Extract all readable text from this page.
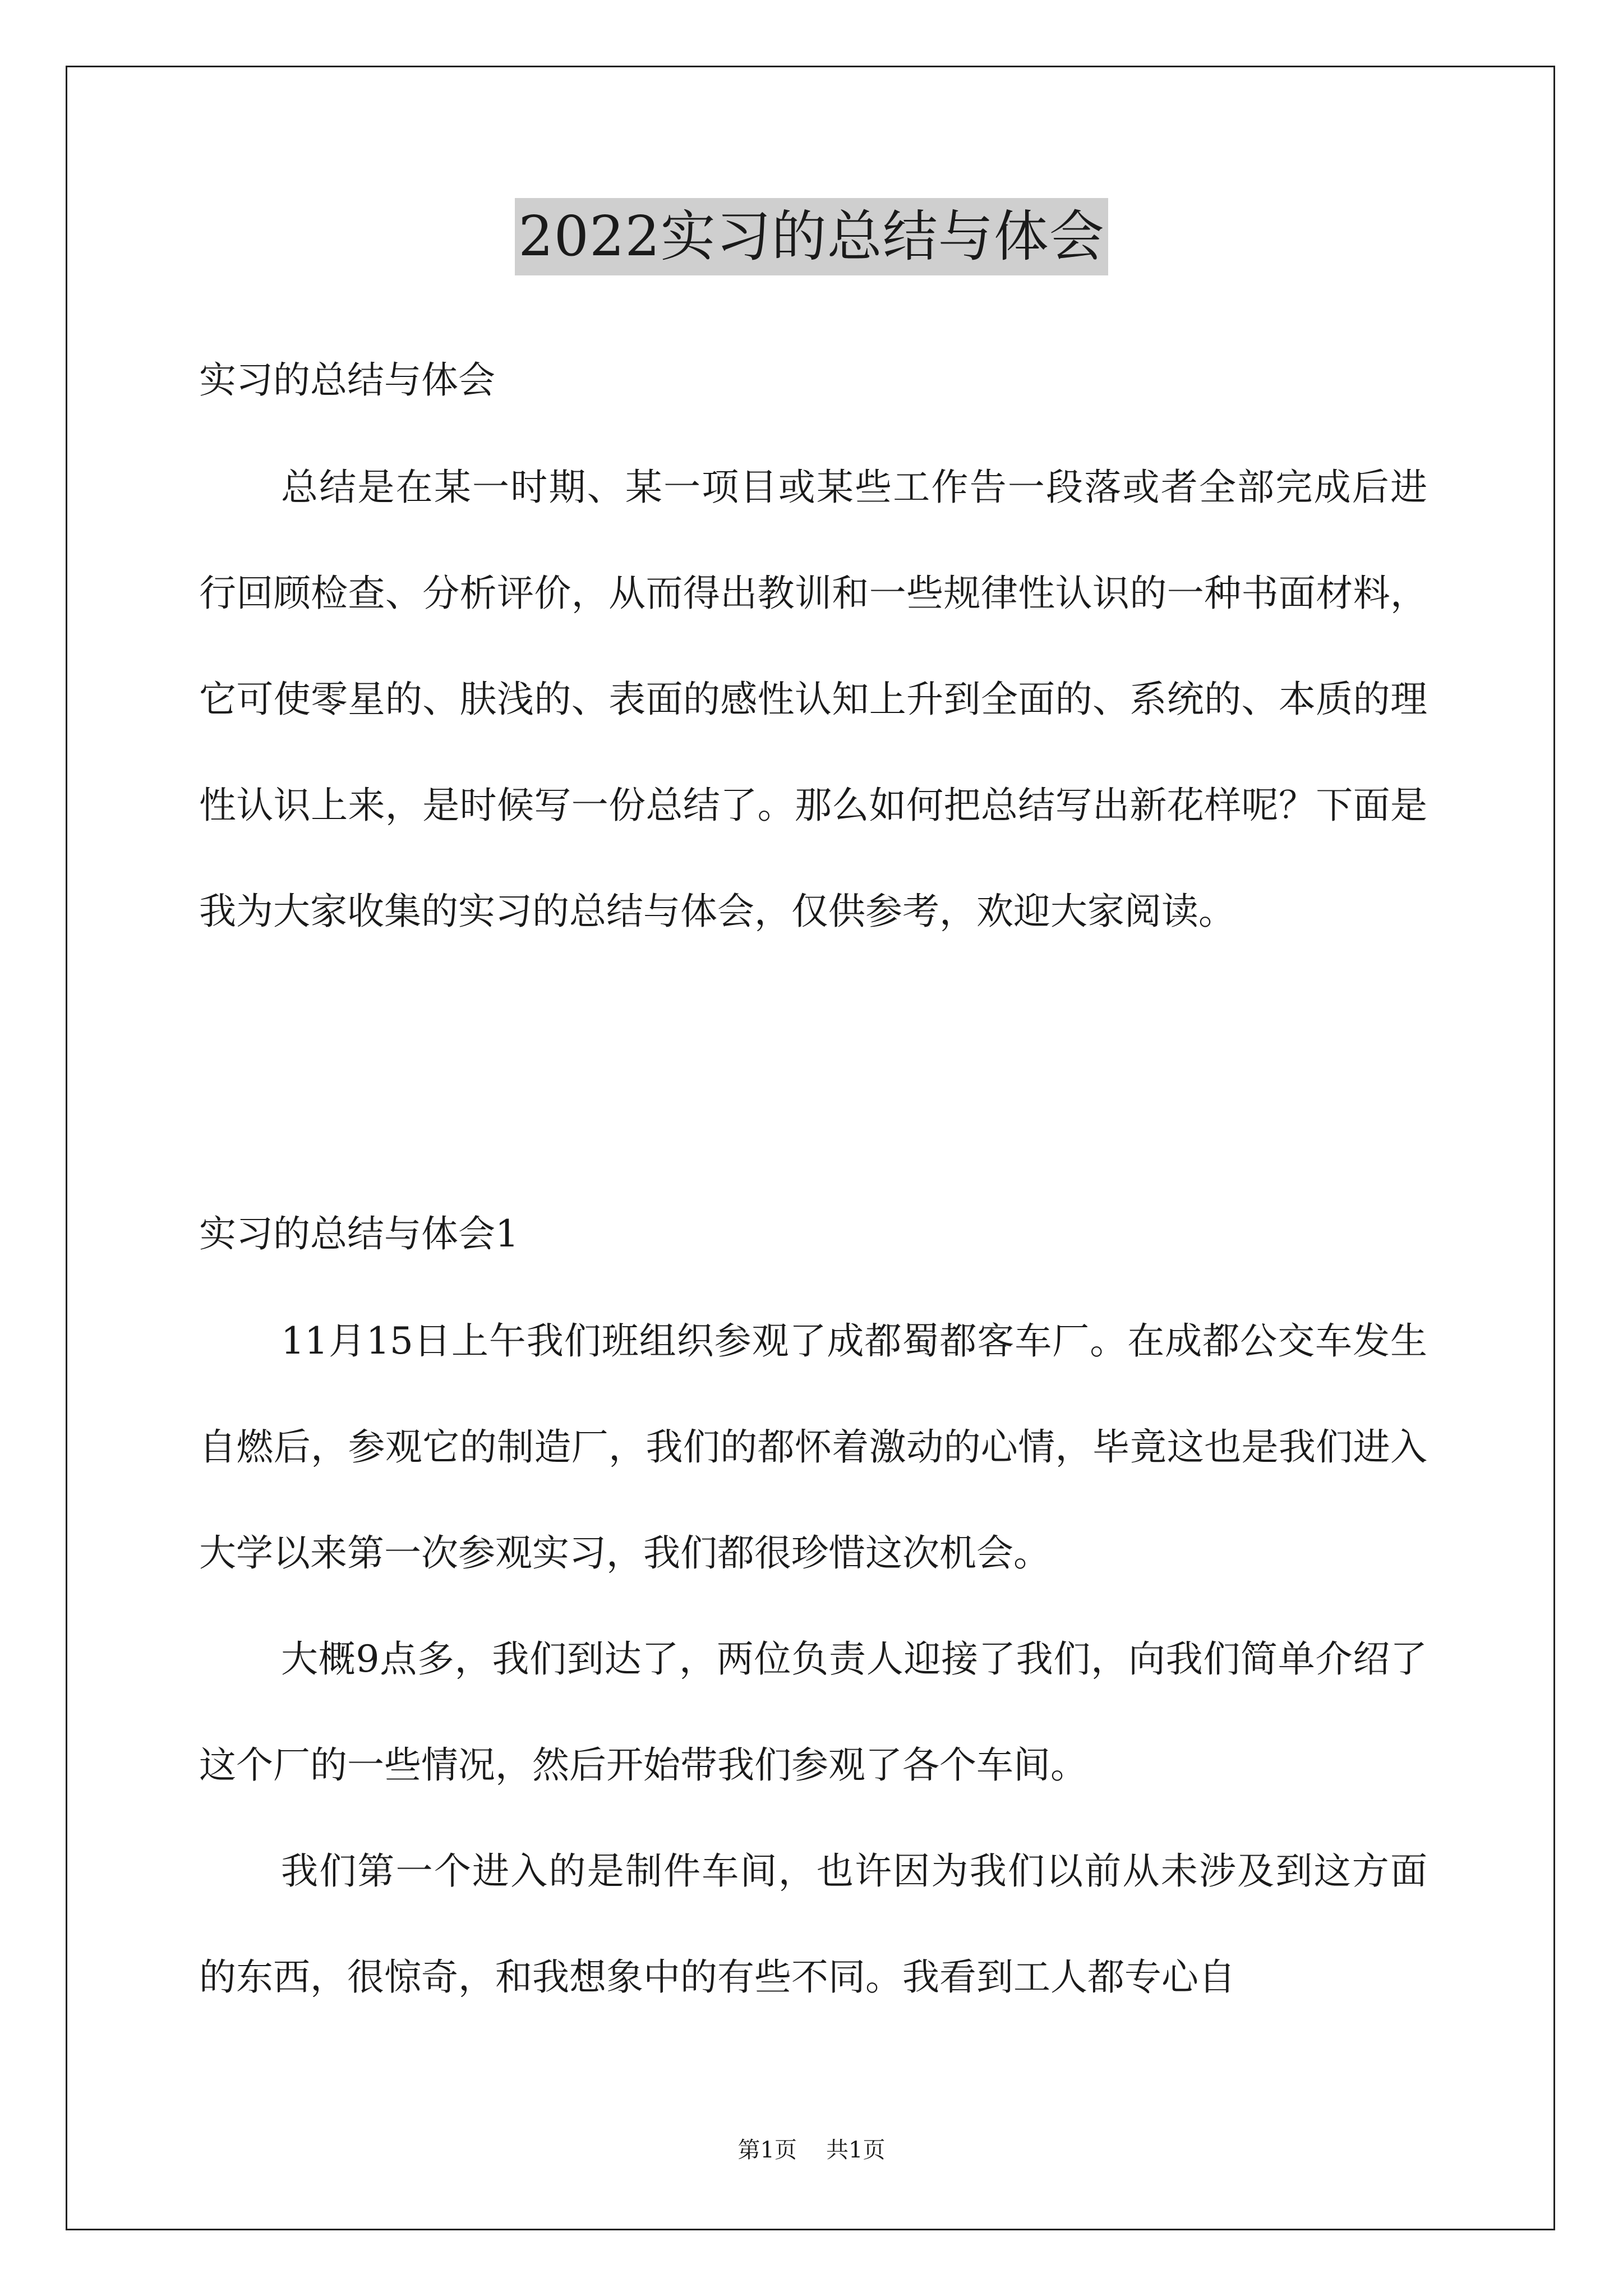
2022实习的总结与体会

实习的总结与体会

总结是在某一时期、某一项目或某些工作告一段落或者全部完成后进行回顾检查、分析评价，从而得出教训和一些规律性认识的一种书面材料，它可使零星的、肤浅的、表面的感性认知上升到全面的、系统的、本质的理性认识上来，是时候写一份总结了。那么如何把总结写出新花样呢？下面是我为大家收集的实习的总结与体会，仅供参考，欢迎大家阅读。

实习的总结与体会1

11月15日上午我们班组织参观了成都蜀都客车厂。在成都公交车发生自燃后，参观它的制造厂，我们的都怀着激动的心情，毕竟这也是我们进入大学以来第一次参观实习，我们都很珍惜这次机会。

大概9点多，我们到达了，两位负责人迎接了我们，向我们简单介绍了这个厂的一些情况，然后开始带我们参观了各个车间。

我们第一个进入的是制件车间，也许因为我们以前从未涉及到这方面的东西，很惊奇，和我想象中的有些不同。我看到工人都专心自

第1页 共1页
